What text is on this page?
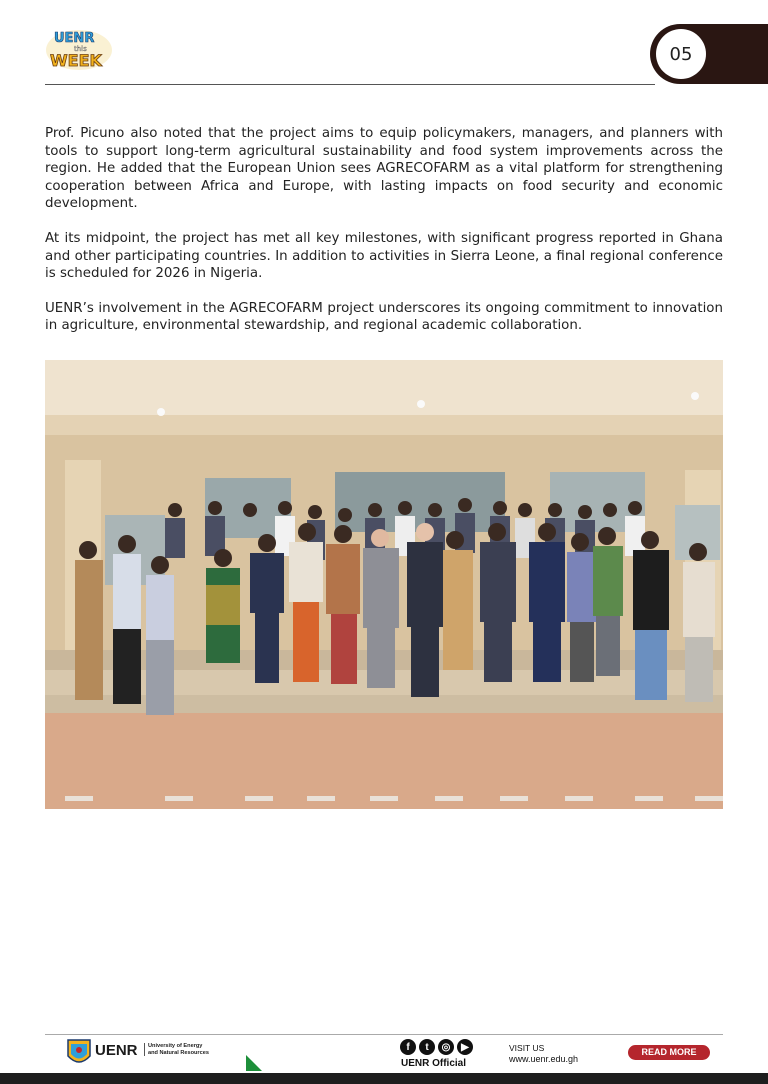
UENR
this
WEEK	05

Prof. Picuno also noted that the project aims to equip policymakers, managers, and planners with tools to support long-term agricultural sustainability and food system improvements across the region. He added that the European Union sees AGRECOFARM as a vital platform for strengthening cooperation between Africa and Europe, with lasting impacts on food security and economic development.

At its midpoint, the project has met all key milestones, with significant progress reported in Ghana and other participating countries. In addition to activities in Sierra Leone, a final regional conference is scheduled for 2026 in Nigeria.

UENR’s involvement in the AGRECOFARM project underscores its ongoing commitment to innovation in agriculture, environmental stewardship, and regional academic collaboration.

UENR University of Energy
and Natural Resources	f	t	◎	▶
UENR Official
VISIT US
www.uenr.edu.gh
READ MORE
